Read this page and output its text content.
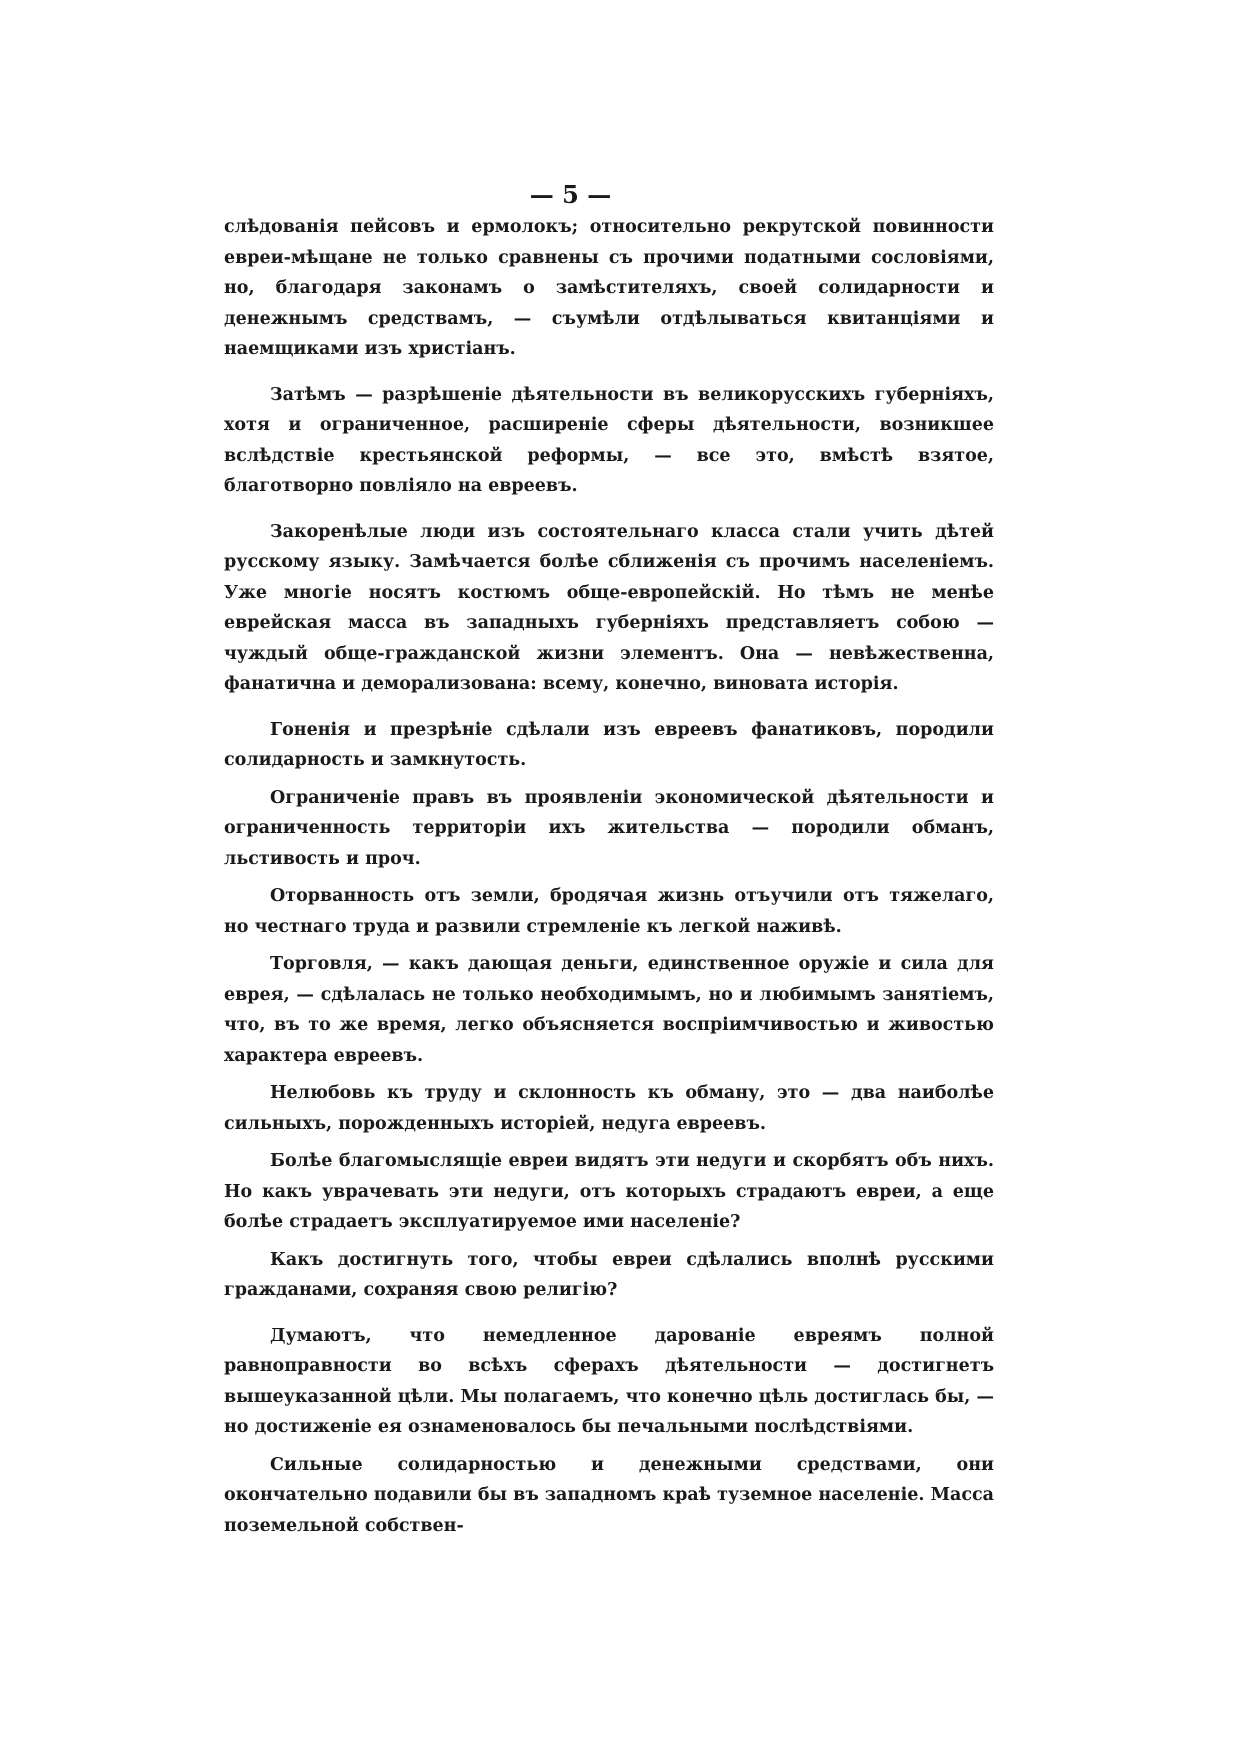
— 5 —

слѣдованія пейсовъ и ермолокъ; относительно рекрутской повинности евреи-мѣщане не только сравнены съ прочими податными сословіями, но, благодаря законамъ о замѣстителяхъ, своей солидарности и денежнымъ средствамъ, — съумѣли отдѣлываться квитанціями и наемщиками изъ христіанъ.

Затѣмъ — разрѣшеніе дѣятельности въ великорусскихъ губерніяхъ, хотя и ограниченное, расширеніе сферы дѣятельности, возникшее вслѣдствіе крестьянской реформы, — все это, вмѣстѣ взятое, благотворно повліяло на евреевъ.

Закоренѣлые люди изъ состоятельнаго класса стали учить дѣтей русскому языку. Замѣчается болѣе сближенія съ прочимъ населеніемъ. Уже многіе носятъ костюмъ обще-европейскій. Но тѣмъ не менѣе еврейская масса въ западныхъ губерніяхъ представляетъ собою — чуждый обще-гражданской жизни элементъ. Она — невѣжественна, фанатична и деморализована: всему, конечно, виновата исторія.

Гоненія и презрѣніе сдѣлали изъ евреевъ фанатиковъ, породили солидарность и замкнутость.

Ограниченіе правъ въ проявленіи экономической дѣятельности и ограниченность территоріи ихъ жительства — породили обманъ, льстивость и проч.

Оторванность отъ земли, бродячая жизнь отъучили отъ тяжелаго, но честнаго труда и развили стремленіе къ легкой наживѣ.

Торговля, — какъ дающая деньги, единственное оружіе и сила для еврея, — сдѣлалась не только необходимымъ, но и любимымъ занятіемъ, что, въ то же время, легко объясняется воспріимчивостью и живостью характера евреевъ.

Нелюбовь къ труду и склонность къ обману, это — два наиболѣе сильныхъ, порожденныхъ исторіей, недуга евреевъ.

Болѣе благомыслящіе евреи видятъ эти недуги и скорбятъ объ нихъ. Но какъ уврачевать эти недуги, отъ которыхъ страдаютъ евреи, а еще болѣе страдаетъ эксплуатируемое ими населеніе?

Какъ достигнуть того, чтобы евреи сдѣлались вполнѣ русскими гражданами, сохраняя свою религію?

Думаютъ, что немедленное дарованіе евреямъ полной равноправности во всѣхъ сферахъ дѣятельности — достигнетъ вышеуказанной цѣли. Мы полагаемъ, что конечно цѣль достиглась бы, — но достиженіе ея ознаменовалось бы печальными послѣдствіями.

Сильные солидарностью и денежными средствами, они окончательно подавили бы въ западномъ краѣ туземное населеніе. Масса поземельной собствен-
